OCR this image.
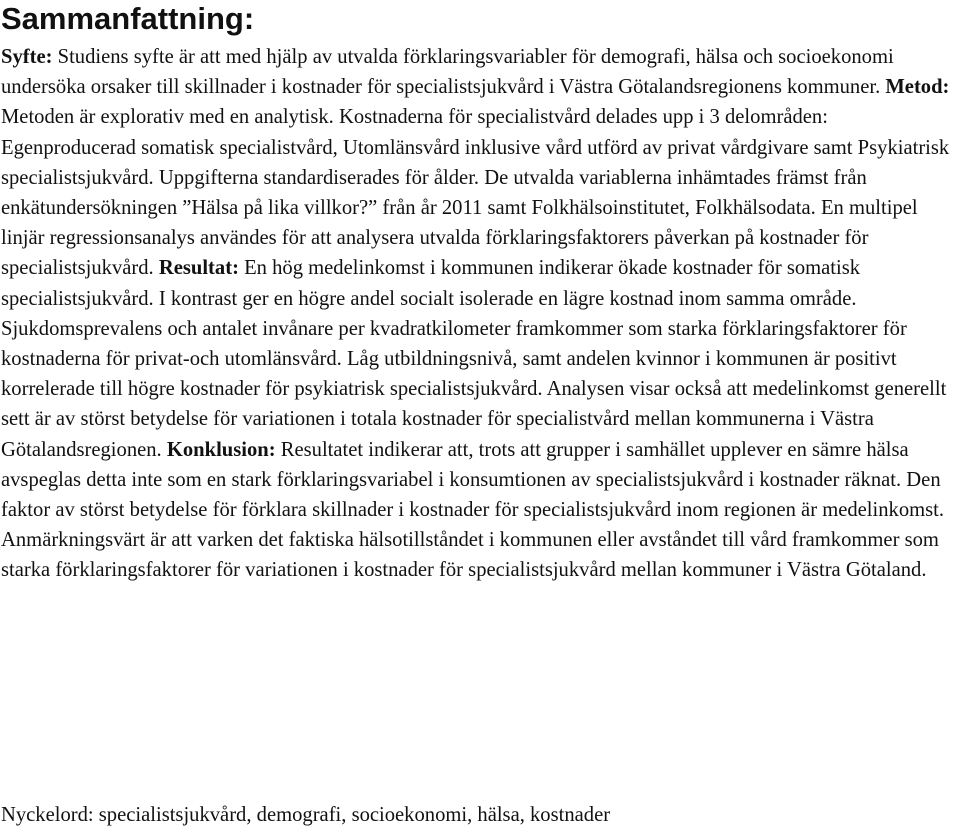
Sammanfattning:

Syfte: Studiens syfte är att med hjälp av utvalda förklaringsvariabler för demografi, hälsa och socioekonomi undersöka orsaker till skillnader i kostnader för specialistsjukvård i Västra Götalandsregionens kommuner. Metod: Metoden är explorativ med en analytisk. Kostnaderna för specialistvård delades upp i 3 delområden: Egenproducerad somatisk specialistvård, Utomlänsvård inklusive vård utförd av privat vårdgivare samt Psykiatrisk specialistsjukvård. Uppgifterna standardiserades för ålder. De utvalda variablerna inhämtades främst från enkätundersökningen ”Hälsa på lika villkor?” från år 2011 samt Folkhälsoinstitutet, Folkhälsodata. En multipel linjär regressionsanalys användes för att analysera utvalda förklaringsfaktorers påverkan på kostnader för specialistsjukvård. Resultat: En hög medelinkomst i kommunen indikerar ökade kostnader för somatisk specialistsjukvård. I kontrast ger en högre andel socialt isolerade en lägre kostnad inom samma område. Sjukdomsprevalens och antalet invånare per kvadratkilometer framkommer som starka förklaringsfaktorer för kostnaderna för privat-och utomlänsvård. Låg utbildningsnivå, samt andelen kvinnor i kommunen är positivt korrelerade till högre kostnader för psykiatrisk specialistsjukvård. Analysen visar också att medelinkomst generellt sett är av störst betydelse för variationen i totala kostnader för specialistvård mellan kommunerna i Västra Götalandsregionen. Konklusion: Resultatet indikerar att, trots att grupper i samhället upplever en sämre hälsa avspeglas detta inte som en stark förklaringsvariabel i konsumtionen av specialistsjukvård i kostnader räknat. Den faktor av störst betydelse för förklara skillnader i kostnader för specialistsjukvård inom regionen är medelinkomst. Anmärkningsvärt är att varken det faktiska hälsotillståndet i kommunen eller avståndet till vård framkommer som starka förklaringsfaktorer för variationen i kostnader för specialistsjukvård mellan kommuner i Västra Götaland.

Nyckelord: specialistsjukvård, demografi, socioekonomi, hälsa, kostnader
